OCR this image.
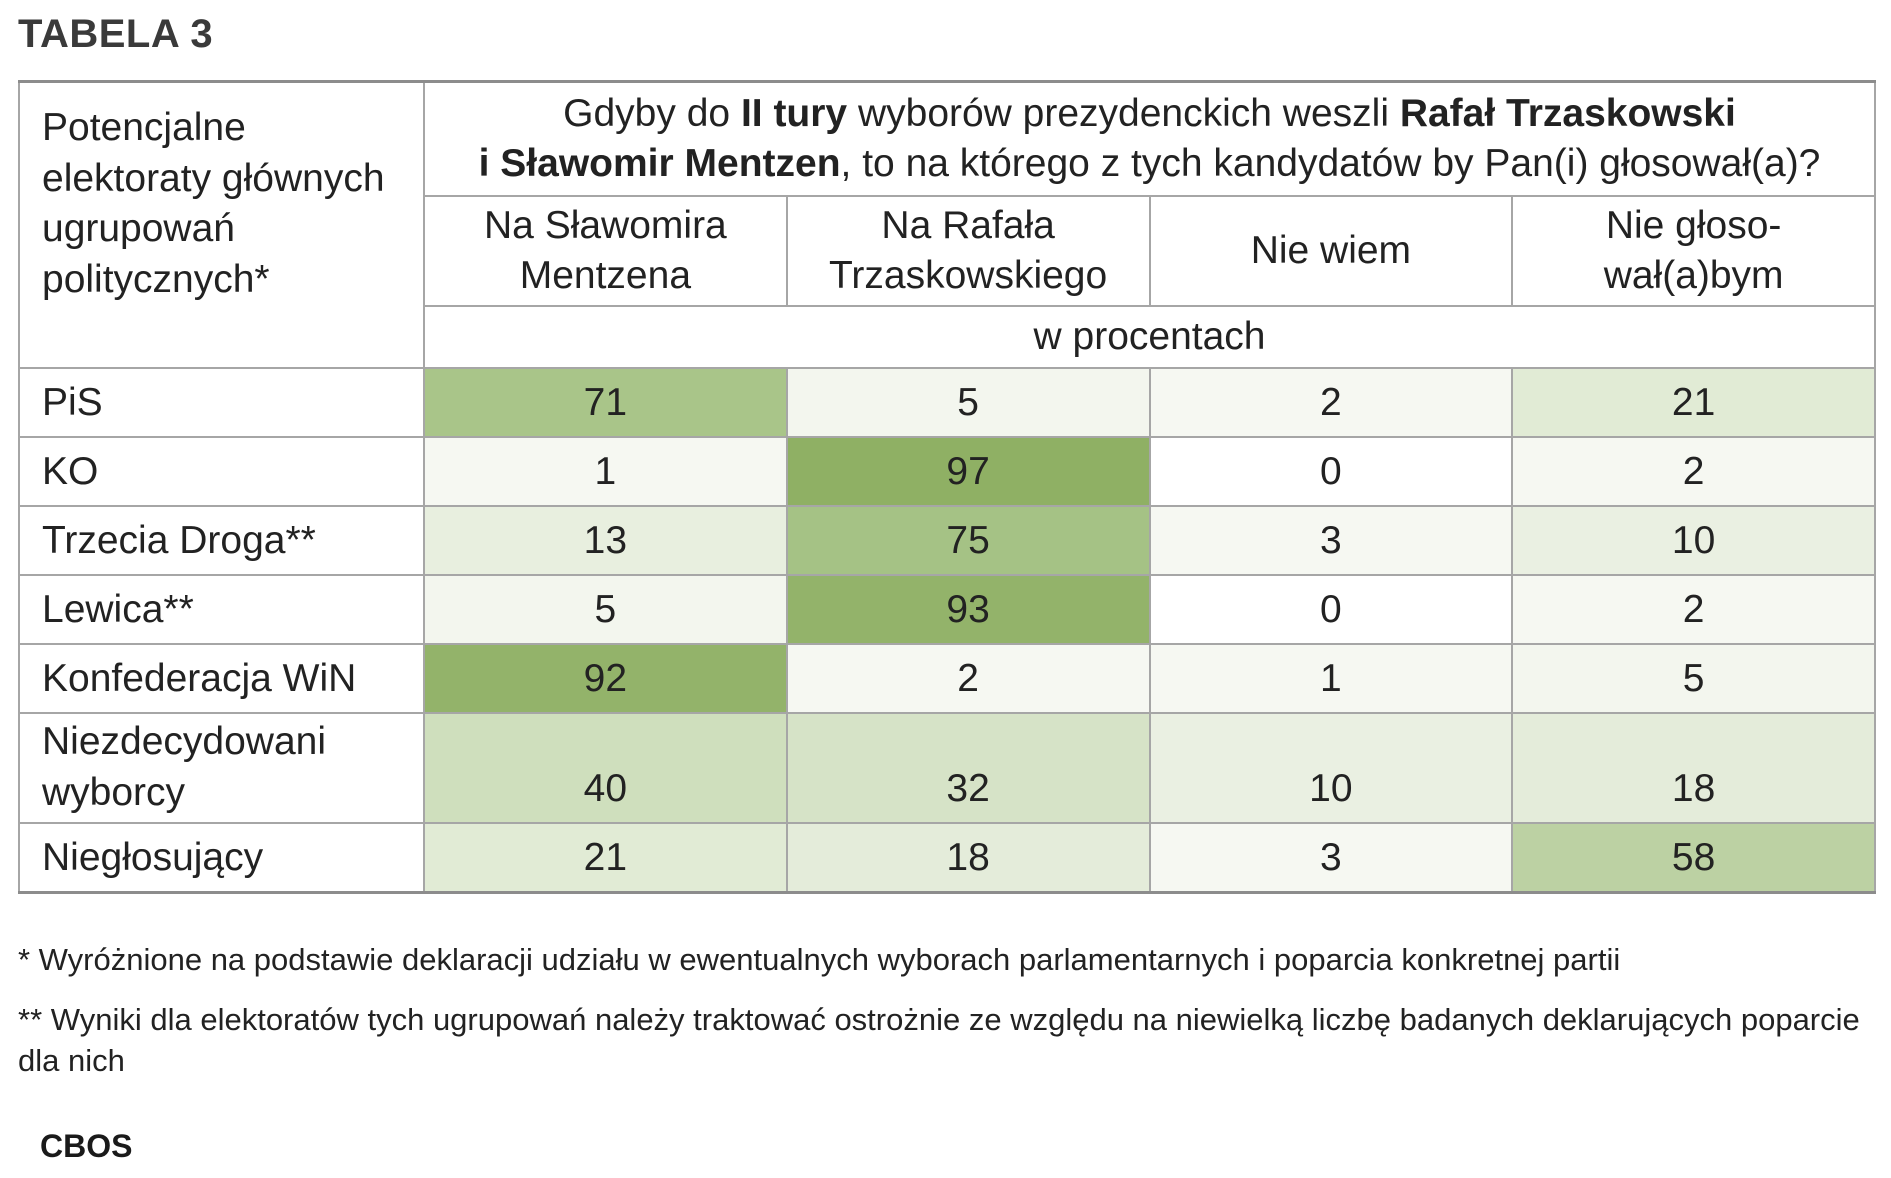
TABELA 3
Potencjalne elektoraty głównych ugrupowań politycznych*	Gdyby do II tury wyborów prezydenckich weszli Rafał Trzaskowski
i Sławomir Mentzen, to na którego z tych kandydatów by Pan(i) głosował(a)?			
	Na Sławomira
Mentzena	Na Rafała
Trzaskowskiego	Nie wiem	Nie głoso-
wał(a)bym
	w procentach			
PiS	71	5	2	21
KO	1	97	0	2
Trzecia Droga**	13	75	3	10
Lewica**	5	93	0	2
Konfederacja WiN	92	2	1	5
Niezdecydowani
wyborcy	40	32	10	18
Niegłosujący	21	18	3	58
* Wyróżnione na podstawie deklaracji udziału w ewentualnych wyborach parlamentarnych i poparcia konkretnej partii
** Wyniki dla elektoratów tych ugrupowań należy traktować ostrożnie ze względu na niewielką liczbę badanych deklarujących poparcie dla nich
CBOS
